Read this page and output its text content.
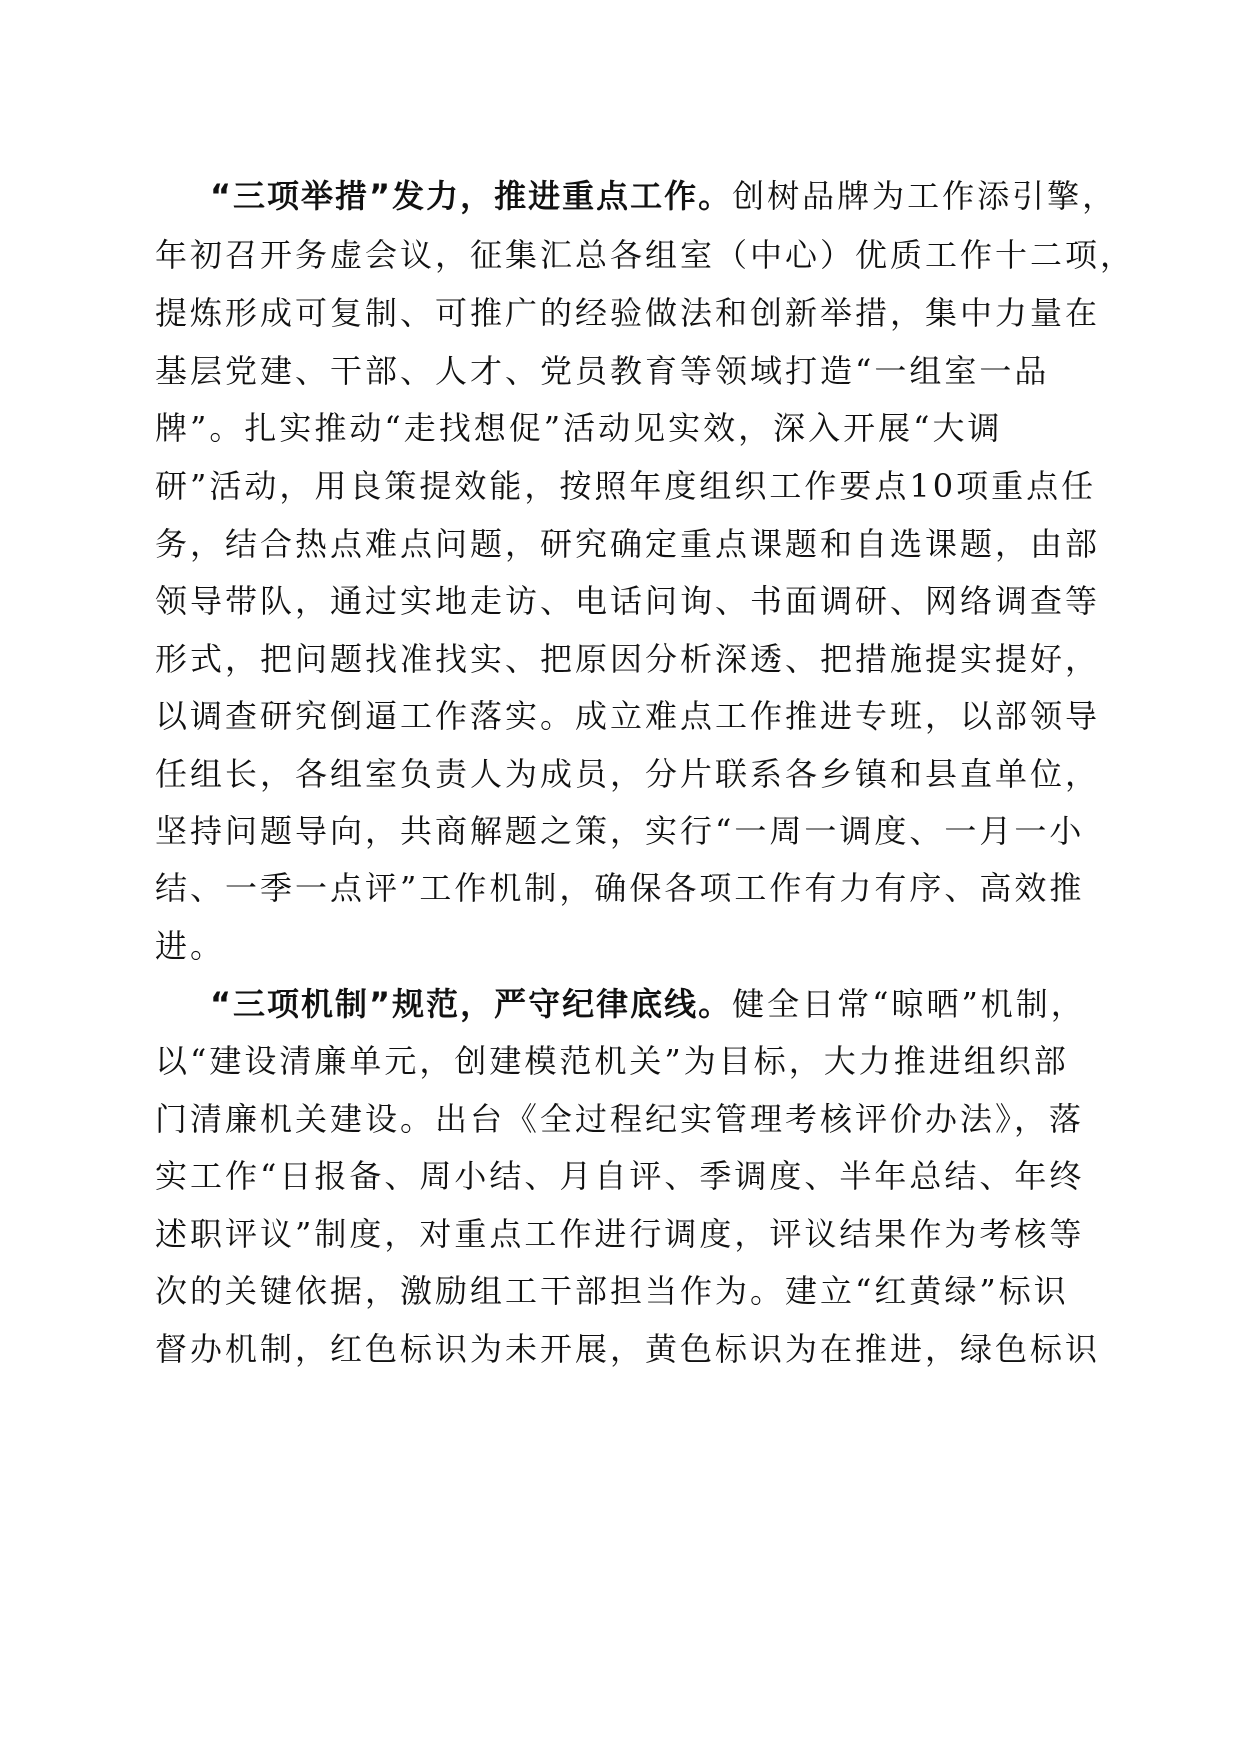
“三项举措”发力，推进重点工作。创树品牌为工作添引擎，
年初召开务虚会议，征集汇总各组室（中心）优质工作十二项，
提炼形成可复制、可推广的经验做法和创新举措，集中力量在
基层党建、干部、人才、党员教育等领域打造“一组室一品
牌”。扎实推动“走找想促”活动见实效，深入开展“大调
研”活动，用良策提效能，按照年度组织工作要点10项重点任
务，结合热点难点问题，研究确定重点课题和自选课题，由部
领导带队，通过实地走访、电话问询、书面调研、网络调查等
形式，把问题找准找实、把原因分析深透、把措施提实提好，
以调查研究倒逼工作落实。成立难点工作推进专班，以部领导
任组长，各组室负责人为成员，分片联系各乡镇和县直单位，
坚持问题导向，共商解题之策，实行“一周一调度、一月一小
结、一季一点评”工作机制，确保各项工作有力有序、高效推
进。
“三项机制”规范，严守纪律底线。健全日常“晾晒”机制，
以“建设清廉单元，创建模范机关”为目标，大力推进组织部
门清廉机关建设。出台《全过程纪实管理考核评价办法》，落
实工作“日报备、周小结、月自评、季调度、半年总结、年终
述职评议”制度，对重点工作进行调度，评议结果作为考核等
次的关键依据，激励组工干部担当作为。建立“红黄绿”标识
督办机制，红色标识为未开展，黄色标识为在推进，绿色标识
